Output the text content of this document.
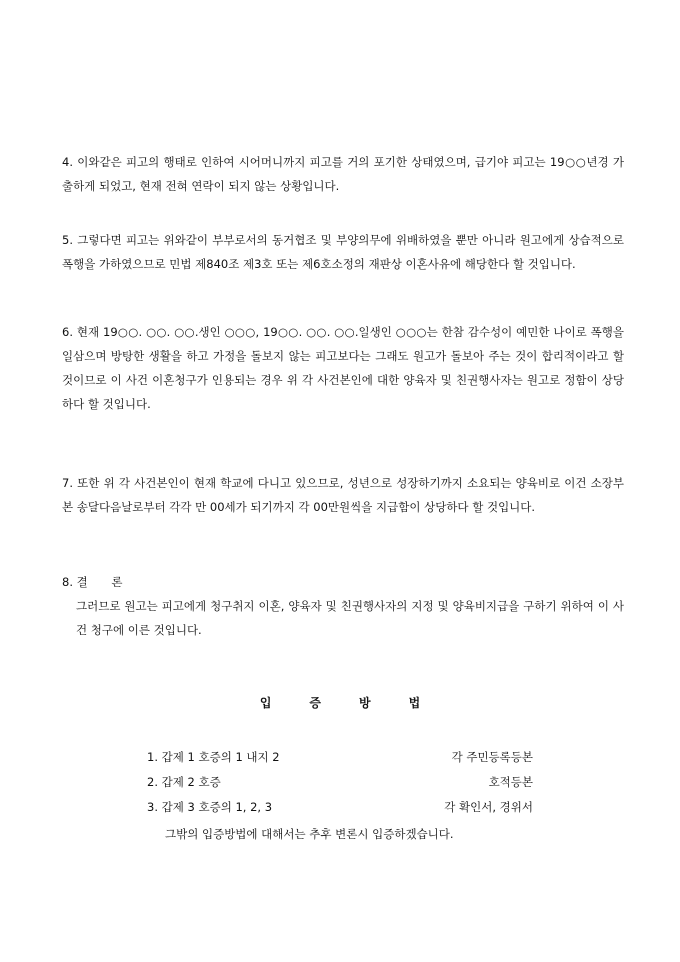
4. 이와같은 피고의 행태로 인하여 시어머니까지 피고를 거의 포기한 상태였으며, 급기야 피고는 19○○년경 가출하게 되었고, 현재 전혀 연락이 되지 않는 상황입니다.
5. 그렇다면 피고는 위와같이 부부로서의 동거협조 및 부양의무에 위배하였을 뿐만 아니라 원고에게 상습적으로 폭행을 가하였으므로 민법 제840조 제3호 또는 제6호소정의 재판상 이혼사유에 해당한다 할 것입니다.
6. 현재 19○○. ○○. ○○.생인 ○○○, 19○○. ○○. ○○.일생인 ○○○는 한참 감수성이 예민한 나이로 폭행을 일삼으며 방탕한 생활을 하고 가정을 돌보지 않는 피고보다는 그래도 원고가 돌보아 주는 것이 합리적이라고 할 것이므로 이 사건 이혼청구가 인용되는 경우 위 각 사건본인에 대한 양육자 및 친권행사자는 원고로 정함이 상당하다 할 것입니다.
7. 또한 위 각 사건본인이 현재 학교에 다니고 있으므로, 성년으로 성장하기까지 소요되는 양육비로 이건 소장부본 송달다음날로부터 각각 만 00세가 되기까지 각 00만원씩을 지급함이 상당하다 할 것입니다.
8. 결 론
그러므로 원고는 피고에게 청구취지 이혼, 양육자 및 친권행사자의 지정 및 양육비지급을 구하기 위하여 이 사건 청구에 이른 것입니다.
입증방법
1. 갑제 1 호증의 1 내지 2	각 주민등록등본
2. 갑제 2 호증	호적등본
3. 갑제 3 호증의 1, 2, 3	각 확인서, 경위서
그밖의 입증방법에 대해서는 추후 변론시 입증하겠습니다.
